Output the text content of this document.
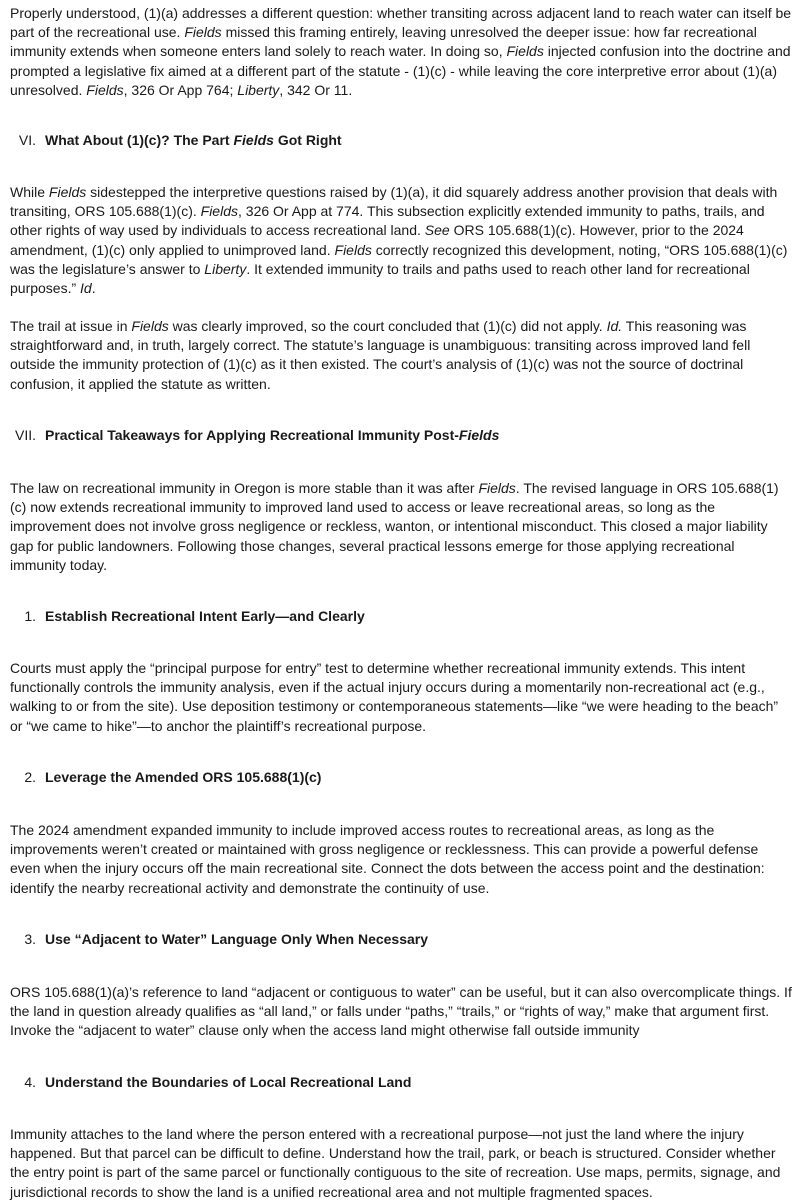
Properly understood, (1)(a) addresses a different question: whether transiting across adjacent land to reach water can itself be part of the recreational use. Fields missed this framing entirely, leaving unresolved the deeper issue: how far recreational immunity extends when someone enters land solely to reach water. In doing so, Fields injected confusion into the doctrine and prompted a legislative fix aimed at a different part of the statute - (1)(c) - while leaving the core interpretive error about (1)(a) unresolved. Fields, 326 Or App 764; Liberty, 342 Or 11.

VI. What About (1)(c)? The Part Fields Got Right

While Fields sidestepped the interpretive questions raised by (1)(a), it did squarely address another provision that deals with transiting, ORS 105.688(1)(c). Fields, 326 Or App at 774. This subsection explicitly extended immunity to paths, trails, and other rights of way used by individuals to access recreational land. See ORS 105.688(1)(c). However, prior to the 2024 amendment, (1)(c) only applied to unimproved land. Fields correctly recognized this development, noting, “ORS 105.688(1)(c) was the legislature’s answer to Liberty. It extended immunity to trails and paths used to reach other land for recreational purposes.” Id.

The trail at issue in Fields was clearly improved, so the court concluded that (1)(c) did not apply. Id. This reasoning was straightforward and, in truth, largely correct. The statute’s language is unambiguous: transiting across improved land fell outside the immunity protection of (1)(c) as it then existed. The court’s analysis of (1)(c) was not the source of doctrinal confusion, it applied the statute as written.

VII. Practical Takeaways for Applying Recreational Immunity Post-Fields

The law on recreational immunity in Oregon is more stable than it was after Fields. The revised language in ORS 105.688(1)(c) now extends recreational immunity to improved land used to access or leave recreational areas, so long as the improvement does not involve gross negligence or reckless, wanton, or intentional misconduct. This closed a major liability gap for public landowners. Following those changes, several practical lessons emerge for those applying recreational immunity today.

1. Establish Recreational Intent Early—and Clearly

Courts must apply the “principal purpose for entry” test to determine whether recreational immunity extends. This intent functionally controls the immunity analysis, even if the actual injury occurs during a momentarily non-recreational act (e.g., walking to or from the site). Use deposition testimony or contemporaneous statements—like “we were heading to the beach” or “we came to hike”—to anchor the plaintiff’s recreational purpose.

2. Leverage the Amended ORS 105.688(1)(c)

The 2024 amendment expanded immunity to include improved access routes to recreational areas, as long as the improvements weren’t created or maintained with gross negligence or recklessness. This can provide a powerful defense even when the injury occurs off the main recreational site. Connect the dots between the access point and the destination: identify the nearby recreational activity and demonstrate the continuity of use.

3. Use “Adjacent to Water” Language Only When Necessary

ORS 105.688(1)(a)’s reference to land “adjacent or contiguous to water” can be useful, but it can also overcomplicate things. If the land in question already qualifies as “all land,” or falls under “paths,” “trails,” or “rights of way,” make that argument first. Invoke the “adjacent to water” clause only when the access land might otherwise fall outside immunity

4. Understand the Boundaries of Local Recreational Land

Immunity attaches to the land where the person entered with a recreational purpose—not just the land where the injury happened. But that parcel can be difficult to define. Understand how the trail, park, or beach is structured. Consider whether the entry point is part of the same parcel or functionally contiguous to the site of recreation. Use maps, permits, signage, and jurisdictional records to show the land is a unified recreational area and not multiple fragmented spaces.
